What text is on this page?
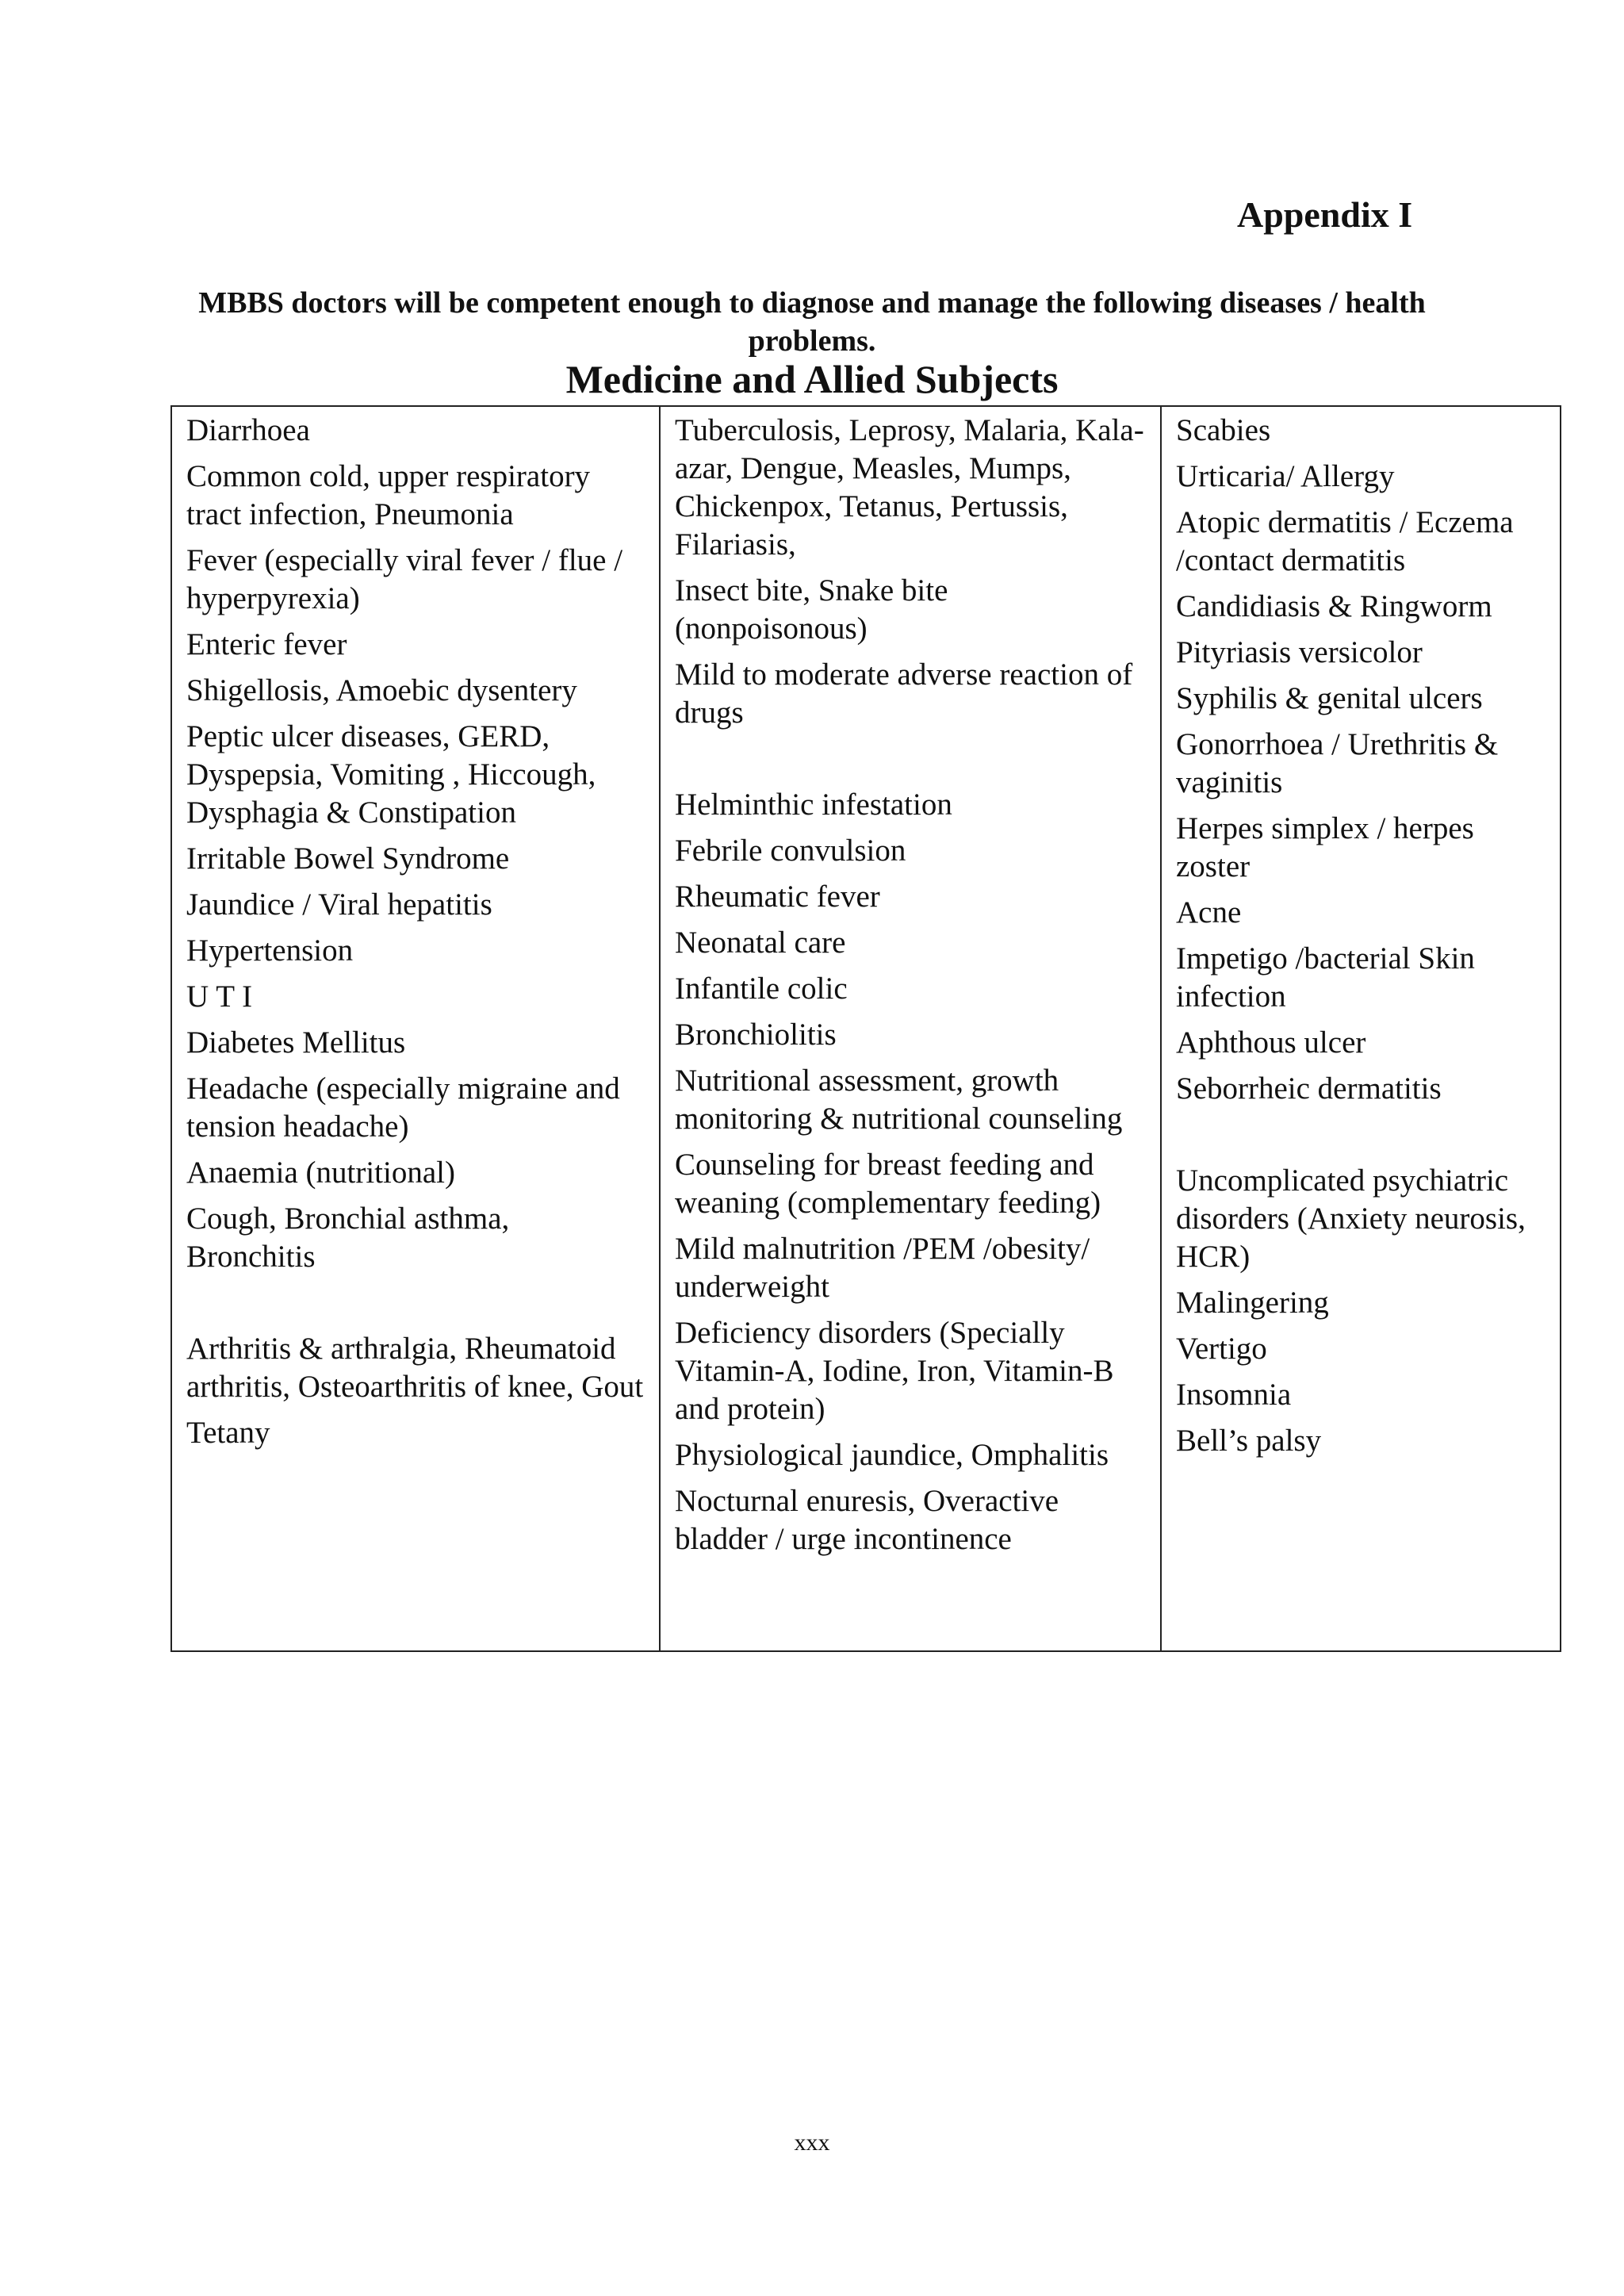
Appendix I
MBBS doctors will be competent enough to diagnose and manage the following diseases / health problems.
Medicine and Allied Subjects
Diarrhoea
Common cold, upper respiratory tract infection, Pneumonia
Fever (especially viral fever / flue / hyperpyrexia)
Enteric fever
Shigellosis, Amoebic dysentery
Peptic ulcer diseases, GERD, Dyspepsia, Vomiting , Hiccough, Dysphagia & Constipation
Irritable Bowel Syndrome
Jaundice / Viral hepatitis
Hypertension
U T I
Diabetes Mellitus
Headache (especially migraine and tension headache)
Anaemia (nutritional)
Cough, Bronchial asthma, Bronchitis
Arthritis & arthralgia, Rheumatoid arthritis, Osteoarthritis of knee, Gout
Tetany
Tuberculosis, Leprosy, Malaria, Kala-azar, Dengue, Measles, Mumps, Chickenpox, Tetanus, Pertussis, Filariasis,
Insect bite, Snake bite (nonpoisonous)
Mild to moderate adverse reaction of drugs
Helminthic infestation
Febrile convulsion
Rheumatic fever
Neonatal care
Infantile colic
Bronchiolitis
Nutritional assessment, growth monitoring & nutritional counseling
Counseling for breast feeding and weaning (complementary feeding)
Mild malnutrition /PEM /obesity/ underweight
Deficiency disorders (Specially Vitamin-A, Iodine, Iron, Vitamin-B and protein)
Physiological jaundice, Omphalitis
Nocturnal enuresis, Overactive bladder / urge incontinence
Scabies
Urticaria/ Allergy
Atopic dermatitis / Eczema /contact dermatitis
Candidiasis & Ringworm
Pityriasis versicolor
Syphilis & genital ulcers
Gonorrhoea / Urethritis & vaginitis
Herpes simplex / herpes zoster
Acne
Impetigo /bacterial Skin infection
Aphthous ulcer
Seborrheic dermatitis
Uncomplicated psychiatric disorders (Anxiety neurosis, HCR)
Malingering
Vertigo
Insomnia
Bell’s palsy
xxx
